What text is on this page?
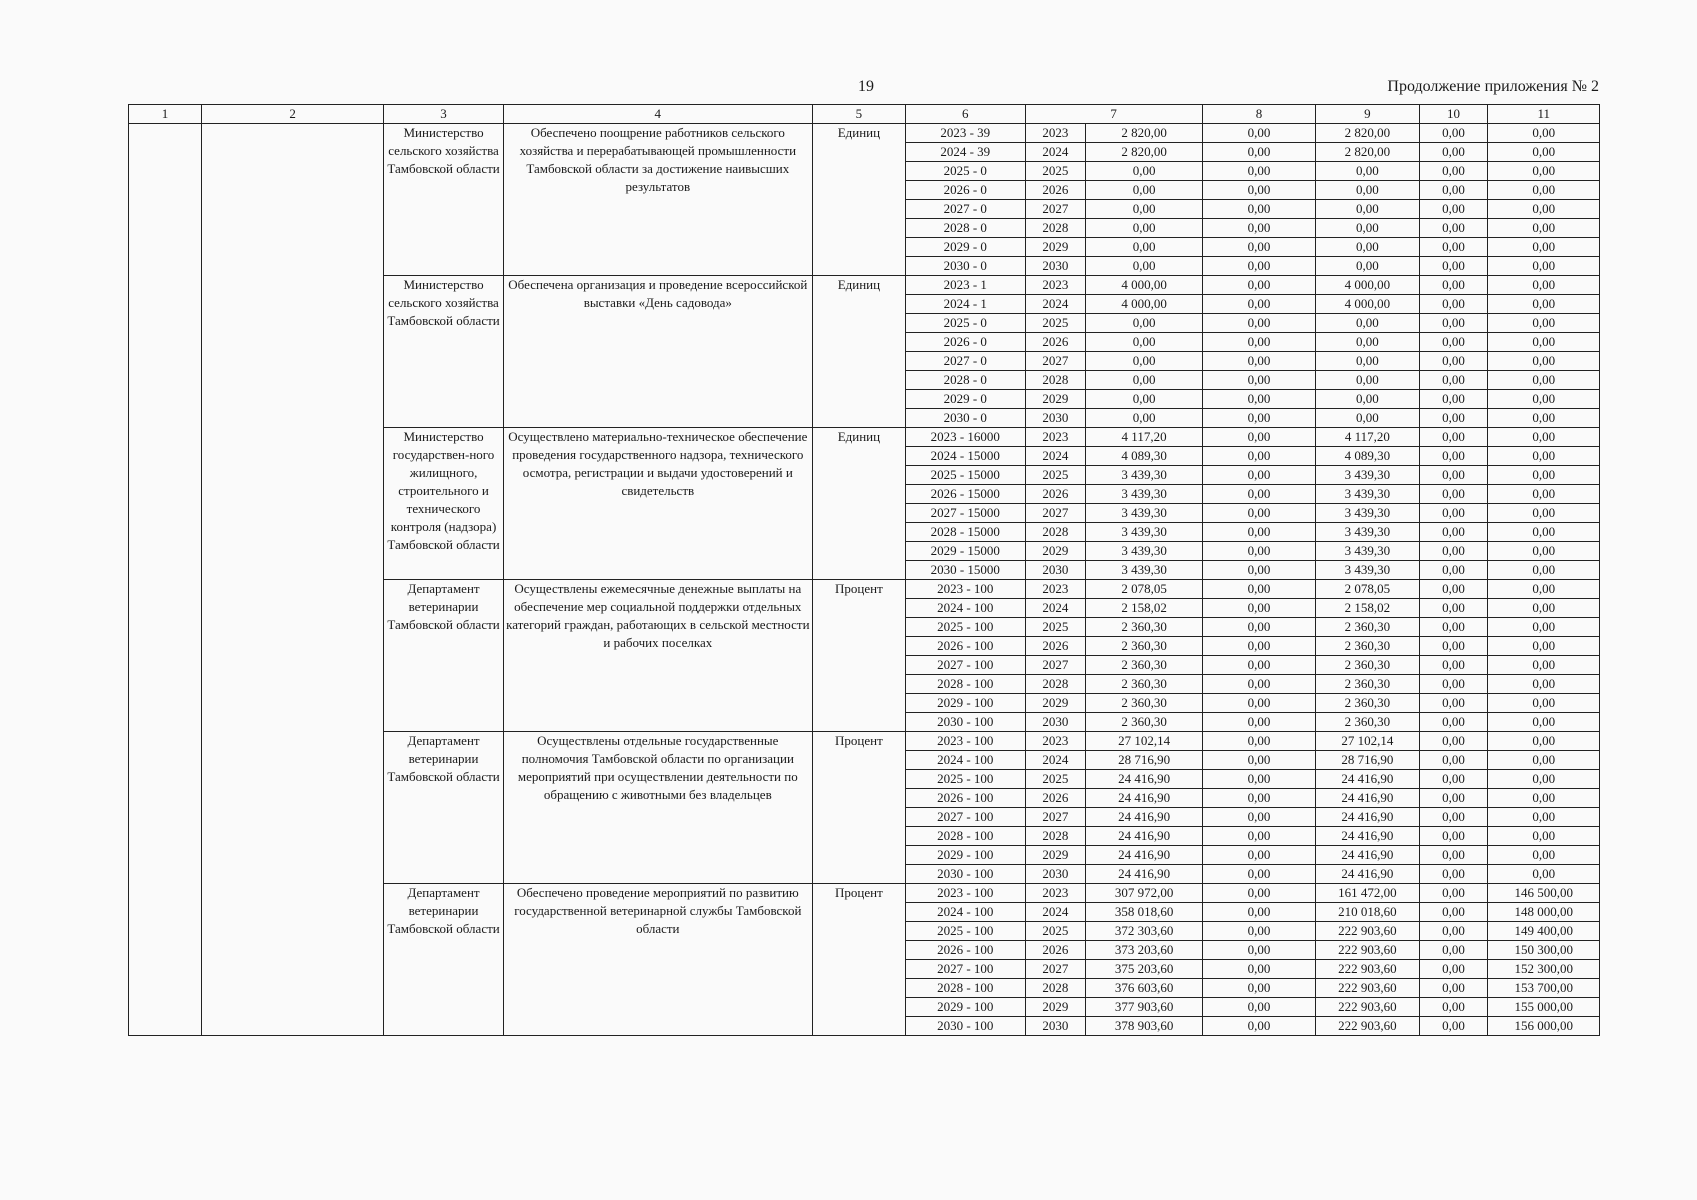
19	Продолжение приложения № 2
1	2	3	4	5	6	7		8	9	10	11
		Министерство сельского хозяйства Тамбовской области	Обеспечено поощрение работников сельского хозяйства и перерабатывающей промышленности Тамбовской области за достижение наивысших результатов	Единиц	2023 - 39	2023	2 820,00	0,00	2 820,00	0,00	0,00
					2024 - 39	2024	2 820,00	0,00	2 820,00	0,00	0,00
					2025 - 0	2025	0,00	0,00	0,00	0,00	0,00
					2026 - 0	2026	0,00	0,00	0,00	0,00	0,00
					2027 - 0	2027	0,00	0,00	0,00	0,00	0,00
					2028 - 0	2028	0,00	0,00	0,00	0,00	0,00
					2029 - 0	2029	0,00	0,00	0,00	0,00	0,00
					2030 - 0	2030	0,00	0,00	0,00	0,00	0,00
		Министерство сельского хозяйства Тамбовской области	Обеспечена организация и проведение всероссийской выставки «День садовода»	Единиц	2023 - 1	2023	4 000,00	0,00	4 000,00	0,00	0,00
					2024 - 1	2024	4 000,00	0,00	4 000,00	0,00	0,00
					2025 - 0	2025	0,00	0,00	0,00	0,00	0,00
					2026 - 0	2026	0,00	0,00	0,00	0,00	0,00
					2027 - 0	2027	0,00	0,00	0,00	0,00	0,00
					2028 - 0	2028	0,00	0,00	0,00	0,00	0,00
					2029 - 0	2029	0,00	0,00	0,00	0,00	0,00
					2030 - 0	2030	0,00	0,00	0,00	0,00	0,00
		Министерство государствен-ного жилищного, строительного и технического контроля (надзора) Тамбовской области	Осуществлено материально-техническое обеспечение проведения государственного надзора, технического осмотра, регистрации и выдачи удостоверений и свидетельств	Единиц	2023 - 16000	2023	4 117,20	0,00	4 117,20	0,00	0,00
					2024 - 15000	2024	4 089,30	0,00	4 089,30	0,00	0,00
					2025 - 15000	2025	3 439,30	0,00	3 439,30	0,00	0,00
					2026 - 15000	2026	3 439,30	0,00	3 439,30	0,00	0,00
					2027 - 15000	2027	3 439,30	0,00	3 439,30	0,00	0,00
					2028 - 15000	2028	3 439,30	0,00	3 439,30	0,00	0,00
					2029 - 15000	2029	3 439,30	0,00	3 439,30	0,00	0,00
					2030 - 15000	2030	3 439,30	0,00	3 439,30	0,00	0,00
		Департамент ветеринарии Тамбовской области	Осуществлены ежемесячные денежные выплаты на обеспечение мер социальной поддержки отдельных категорий граждан, работающих в сельской местности и рабочих поселках	Процент	2023 - 100	2023	2 078,05	0,00	2 078,05	0,00	0,00
					2024 - 100	2024	2 158,02	0,00	2 158,02	0,00	0,00
					2025 - 100	2025	2 360,30	0,00	2 360,30	0,00	0,00
					2026 - 100	2026	2 360,30	0,00	2 360,30	0,00	0,00
					2027 - 100	2027	2 360,30	0,00	2 360,30	0,00	0,00
					2028 - 100	2028	2 360,30	0,00	2 360,30	0,00	0,00
					2029 - 100	2029	2 360,30	0,00	2 360,30	0,00	0,00
					2030 - 100	2030	2 360,30	0,00	2 360,30	0,00	0,00
		Департамент ветеринарии Тамбовской области	Осуществлены отдельные государственные полномочия Тамбовской области по организации мероприятий при осуществлении деятельности по обращению с животными без владельцев	Процент	2023 - 100	2023	27 102,14	0,00	27 102,14	0,00	0,00
					2024 - 100	2024	28 716,90	0,00	28 716,90	0,00	0,00
					2025 - 100	2025	24 416,90	0,00	24 416,90	0,00	0,00
					2026 - 100	2026	24 416,90	0,00	24 416,90	0,00	0,00
					2027 - 100	2027	24 416,90	0,00	24 416,90	0,00	0,00
					2028 - 100	2028	24 416,90	0,00	24 416,90	0,00	0,00
					2029 - 100	2029	24 416,90	0,00	24 416,90	0,00	0,00
					2030 - 100	2030	24 416,90	0,00	24 416,90	0,00	0,00
		Департамент ветеринарии Тамбовской области	Обеспечено проведение мероприятий по развитию государственной ветеринарной службы Тамбовской области	Процент	2023 - 100	2023	307 972,00	0,00	161 472,00	0,00	146 500,00
					2024 - 100	2024	358 018,60	0,00	210 018,60	0,00	148 000,00
					2025 - 100	2025	372 303,60	0,00	222 903,60	0,00	149 400,00
					2026 - 100	2026	373 203,60	0,00	222 903,60	0,00	150 300,00
					2027 - 100	2027	375 203,60	0,00	222 903,60	0,00	152 300,00
					2028 - 100	2028	376 603,60	0,00	222 903,60	0,00	153 700,00
					2029 - 100	2029	377 903,60	0,00	222 903,60	0,00	155 000,00
					2030 - 100	2030	378 903,60	0,00	222 903,60	0,00	156 000,00
